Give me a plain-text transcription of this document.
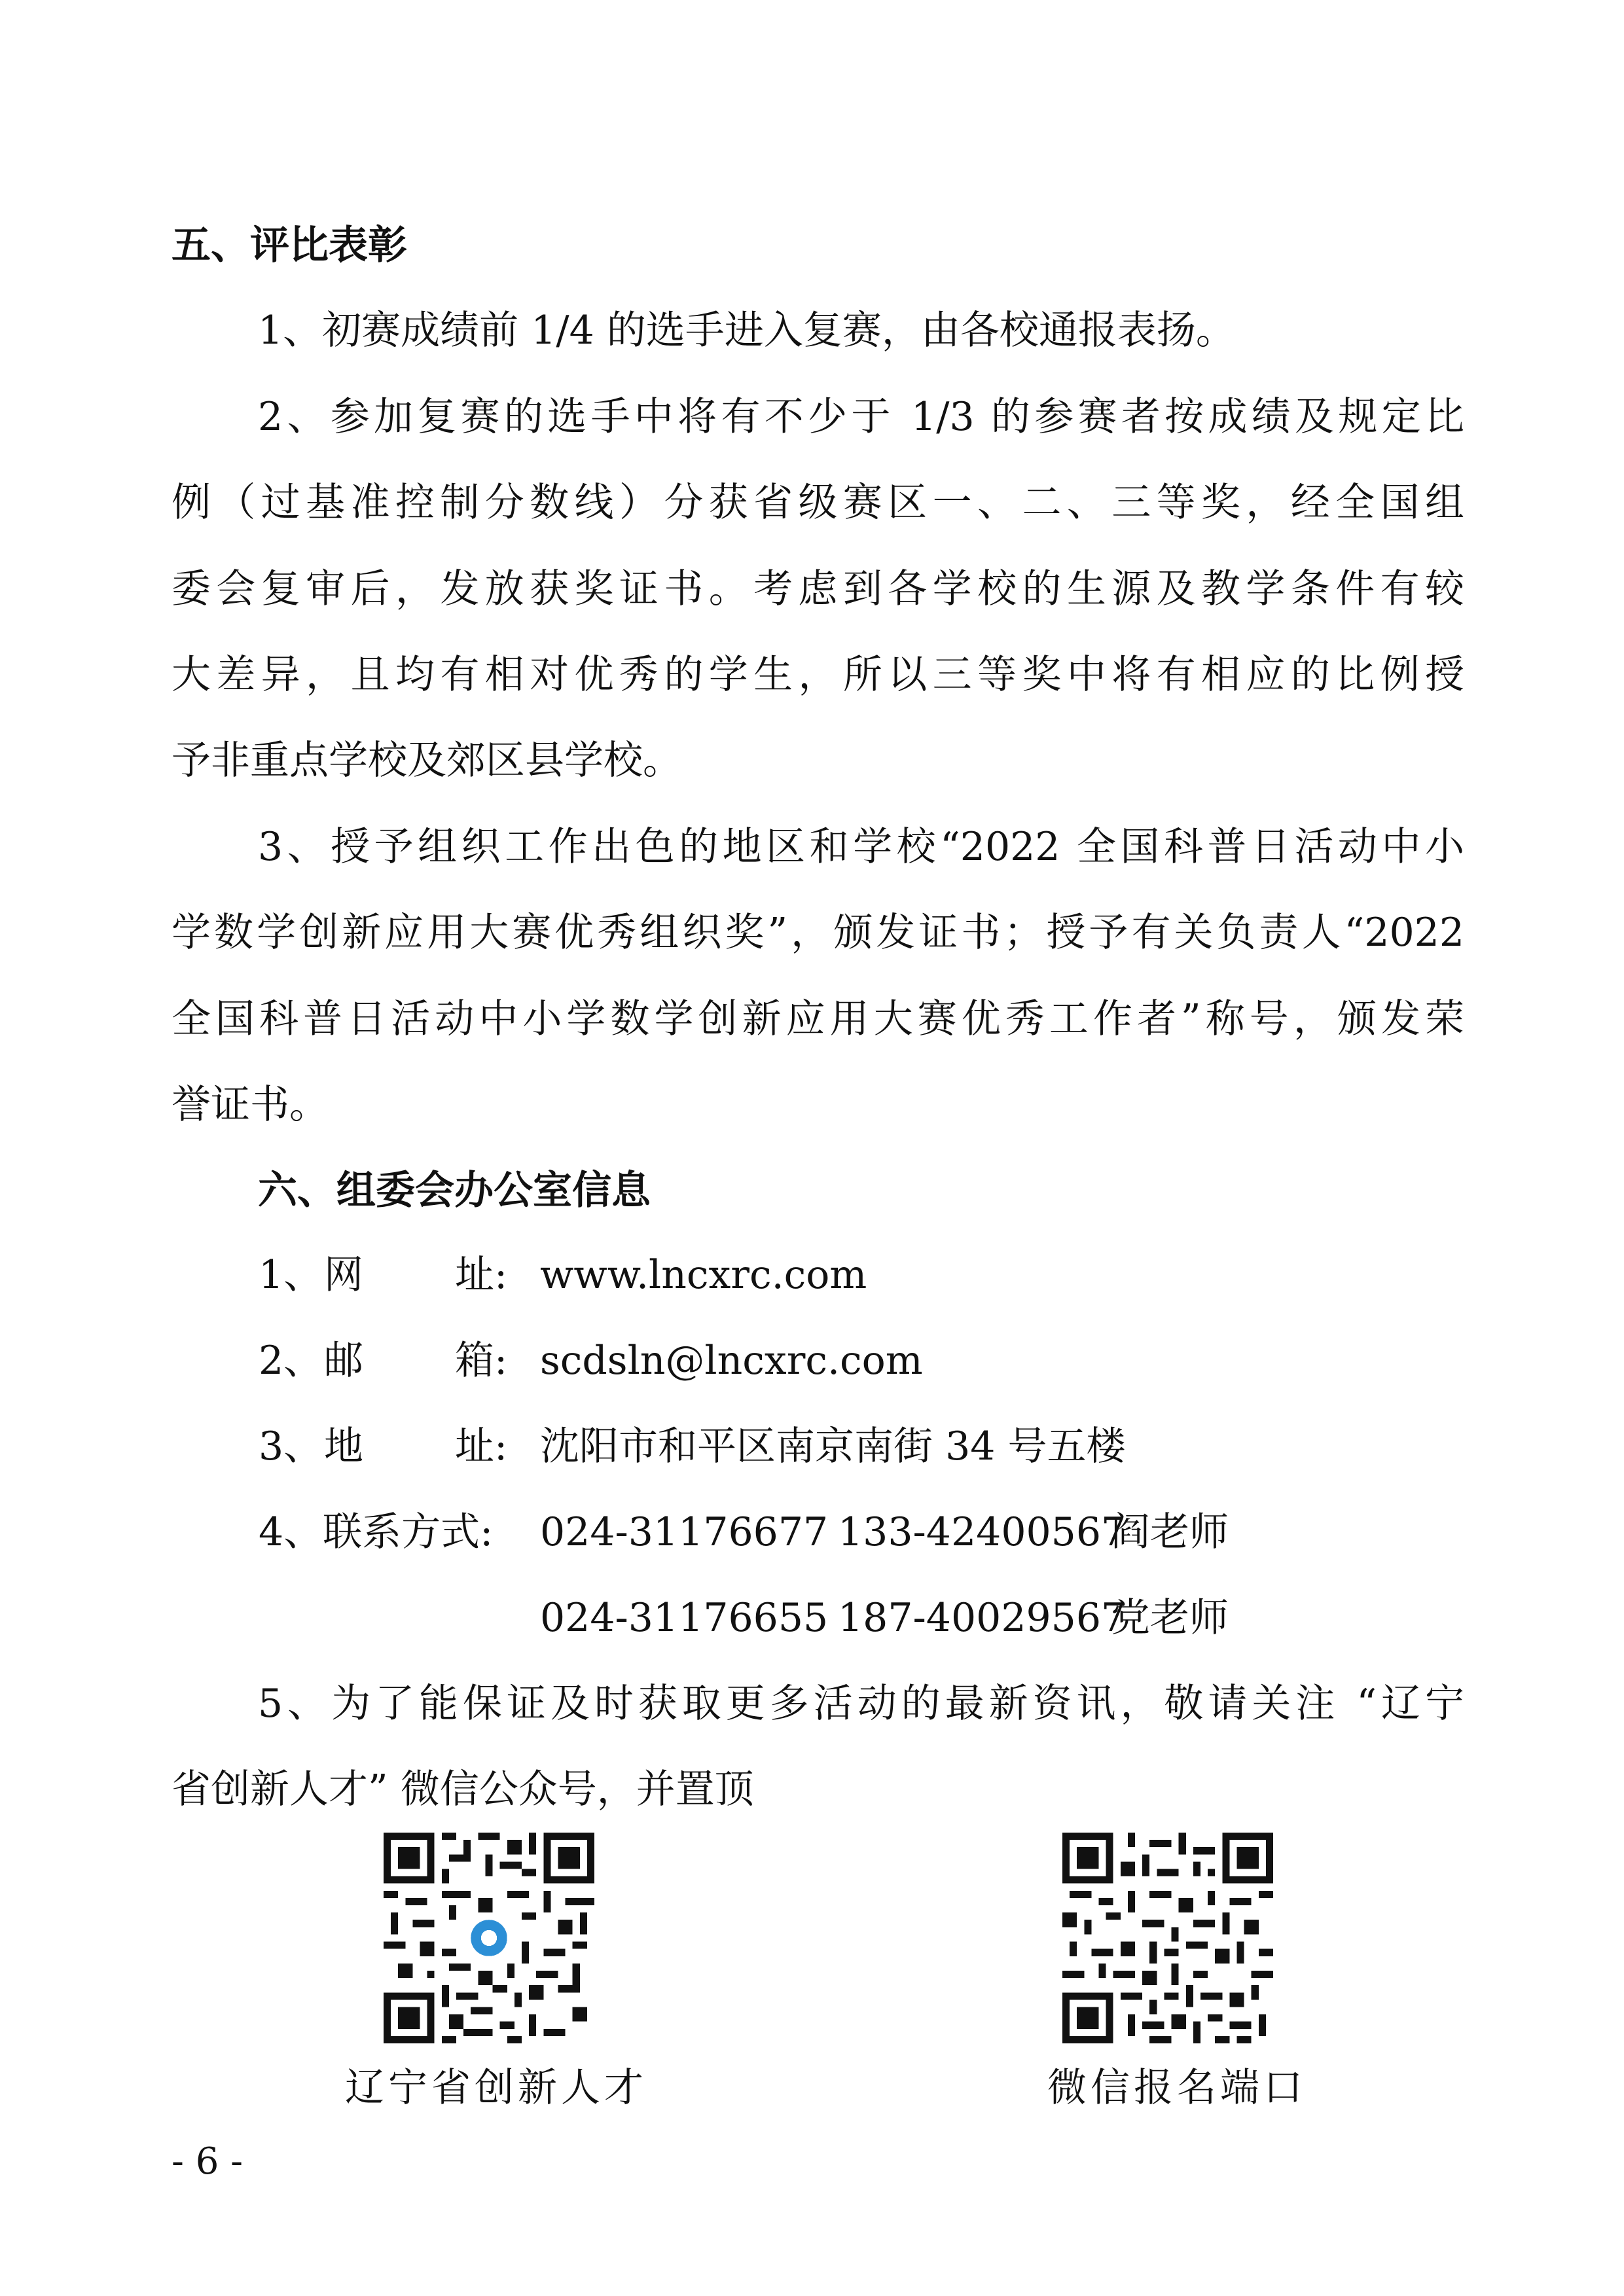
五、评比表彰
1、初赛成绩前 1/4 的选手进入复赛，由各校通报表扬。
2、参加复赛的选手中将有不少于 1/3 的参赛者按成绩及规定比
例（过基准控制分数线）分获省级赛区一、二、三等奖，经全国组
委会复审后，发放获奖证书。考虑到各学校的生源及教学条件有较
大差异，且均有相对优秀的学生，所以三等奖中将有相应的比例授
予非重点学校及郊区县学校。
3、授予组织工作出色的地区和学校“2022 全国科普日活动中小
学数学创新应用大赛优秀组织奖”，颁发证书；授予有关负责人“2022
全国科普日活动中小学数学创新应用大赛优秀工作者”称号，颁发荣
誉证书。
六、组委会办公室信息
1、 网 址: www.lncxrc.com
2、 邮 箱: scdsln@lncxrc.com
3、 地 址: 沈阳市和平区南京南街 34 号五楼
4、联系方式: 024-31176677 133-42400567
阎老师
024-31176655 187-40029567
党老师
5、为了能保证及时获取更多活动的最新资讯，敬请关注 “辽宁
省创新人才” 微信公众号，并置顶
辽宁省创新人才	微信报名端口
- 6 -
